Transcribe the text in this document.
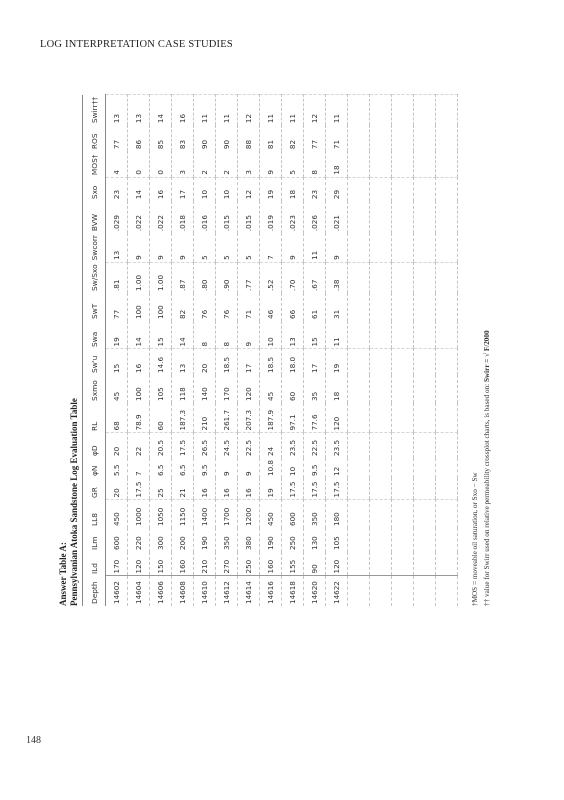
LOG INTERPRETATION CASE STUDIES
Answer Table A: Pennsylvanian Atoka Sandstone Log Evaluation Table Depth	ILd	ILm	LL8	GR	φN	φD	RL	Sxmo	Sw'u	Swa	SwT	Sw/Sxo	Swcorr	BVW	Sxo	MOS†	ROS	Swirr††
14602	170	600	450	20	5.5	20	68	45	15	19	77	.81	13	.029	23	4	77	13
14604	120	220	1000	17.5	7	22	78.9	100	16	14	100	1.00	9	.022	14	0	86	13
14606	150	300	1050	25	6.5	20.5	60	105	14.6	15	100	1.00	9	.022	16	0	85	14
14608	160	200	1150	21	6.5	17.5	187.3	118	13	14	82	.87	9	.018	17	3	83	16
14610	210	190	1400	16	9.5	26.5	210	140	20	8	76	.80	5	.016	10	2	90	11
14612	270	350	1700	16	9	24.5	261.7	170	18.5	8	76	.90	5	.015	10	2	90	11
14614	250	380	1200	16	9	22.5	207.3	120	17	9	71	.77	5	.015	12	3	88	12
14616	160	190	450	19	10.8	24	187.9	45	18.5	10	46	.52	7	.019	19	9	81	11
14618	155	250	600	17.5	10	23.5	97.1	60	18.0	13	66	.70	9	.023	18	5	82	11
14620	90	130	350	17.5	9.5	22.5	77.6	35	17	15	61	.67	11	.026	23	8	77	12
14622	120	105	180	17.5	12	23.5	120	18	19	11	31	.38	9	.021	29	18	71	11

†MOS = moveable oil saturation, or Sxo − Sw †† value for Swirr used on relative permeability crossplot charts, is based on: Swirr = √ F/2000
148
